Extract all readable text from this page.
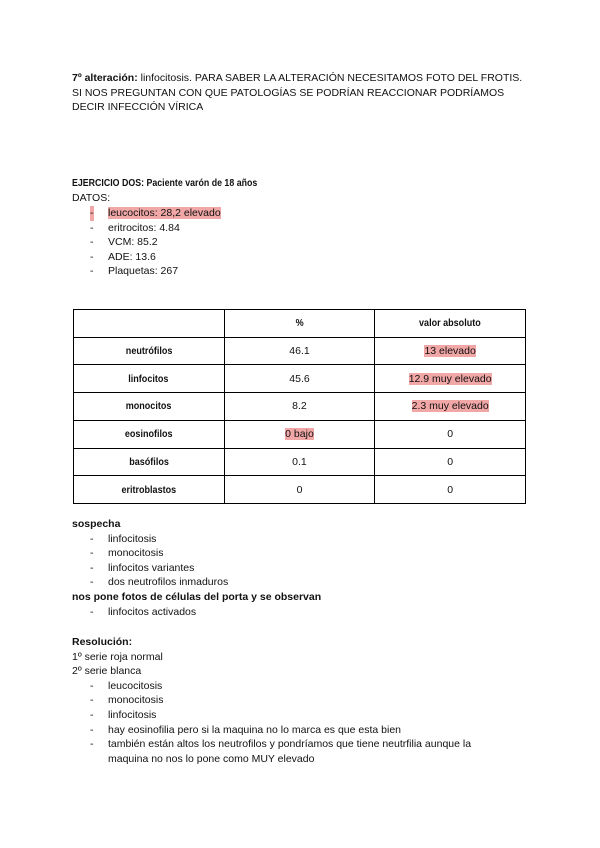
7º alteración: linfocitosis. PARA SABER LA ALTERACIÓN NECESITAMOS FOTO DEL FROTIS. SI NOS PREGUNTAN CON QUE PATOLOGÍAS SE PODRÍAN REACCIONAR PODRÍAMOS DECIR INFECCIÓN VÍRICA

EJERCICIO DOS: Paciente varón de 18 años
DATOS:
- leucocitos: 28,2 elevado
- eritrocitos: 4.84
- VCM: 85.2
- ADE: 13.6
- Plaquetas: 267
	%	valor absoluto
neutrófilos	46.1	13 elevado
linfocitos	45.6	12.9 muy elevado
monocitos	8.2	2.3 muy elevado
eosinofilos	0 bajo	0
basófilos	0.1	0
eritroblastos	0	0
sospecha
- linfocitosis
- monocitosis
- linfocitos variantes
- dos neutrofilos inmaduros
nos pone fotos de células del porta y se observan
- linfocitos activados
Resolución:
1º serie roja normal
2º serie blanca
- leucocitosis
- monocitosis
- linfocitosis
- hay eosinofilia pero si la maquina no lo marca es que esta bien
- también están altos los neutrofilos y pondríamos que tiene neutrfilia aunque la maquina no nos lo pone como MUY elevado
